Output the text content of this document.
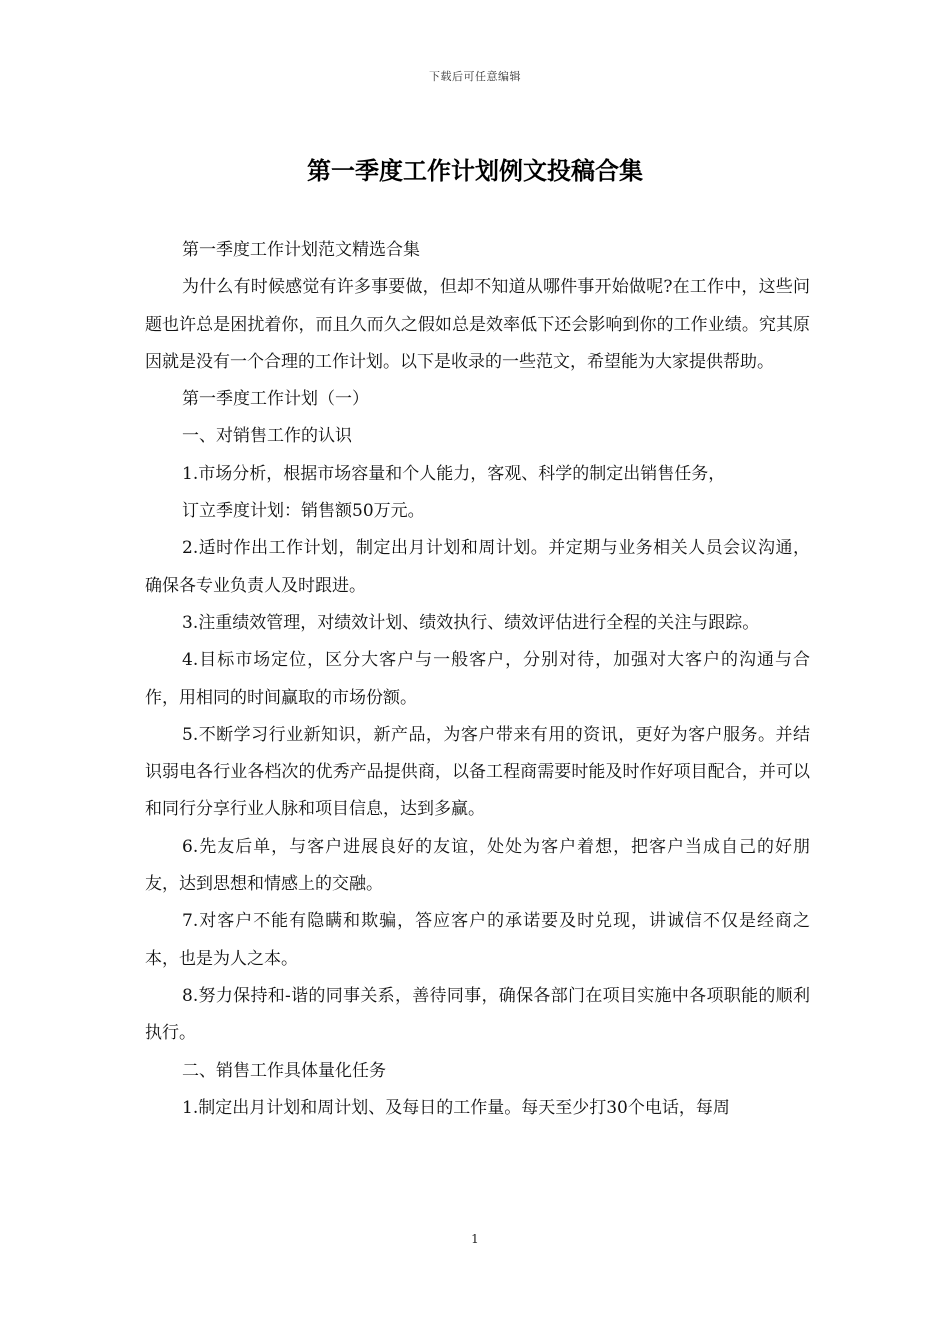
下载后可任意编辑
第一季度工作计划例文投稿合集

第一季度工作计划范文精选合集

为什么有时候感觉有许多事要做，但却不知道从哪件事开始做呢?在工作中，这些问题也许总是困扰着你，而且久而久之假如总是效率低下还会影响到你的工作业绩。究其原因就是没有一个合理的工作计划。以下是收录的一些范文，希望能为大家提供帮助。

第一季度工作计划（一）

一、对销售工作的认识

1.市场分析，根据市场容量和个人能力，客观、科学的制定出销售任务，

订立季度计划：销售额50万元。

2.适时作出工作计划，制定出月计划和周计划。并定期与业务相关人员会议沟通，确保各专业负责人及时跟进。

3.注重绩效管理，对绩效计划、绩效执行、绩效评估进行全程的关注与跟踪。

4.目标市场定位，区分大客户与一般客户，分别对待，加强对大客户的沟通与合作，用相同的时间赢取的市场份额。

5.不断学习行业新知识，新产品，为客户带来有用的资讯，更好为客户服务。并结识弱电各行业各档次的优秀产品提供商，以备工程商需要时能及时作好项目配合，并可以和同行分享行业人脉和项目信息，达到多赢。

6.先友后单，与客户进展良好的友谊，处处为客户着想，把客户当成自己的好朋友，达到思想和情感上的交融。

7.对客户不能有隐瞒和欺骗，答应客户的承诺要及时兑现，讲诚信不仅是经商之本，也是为人之本。

8.努力保持和-谐的同事关系，善待同事，确保各部门在项目实施中各项职能的顺利执行。

二、销售工作具体量化任务

1.制定出月计划和周计划、及每日的工作量。每天至少打30个电话，每周

1
